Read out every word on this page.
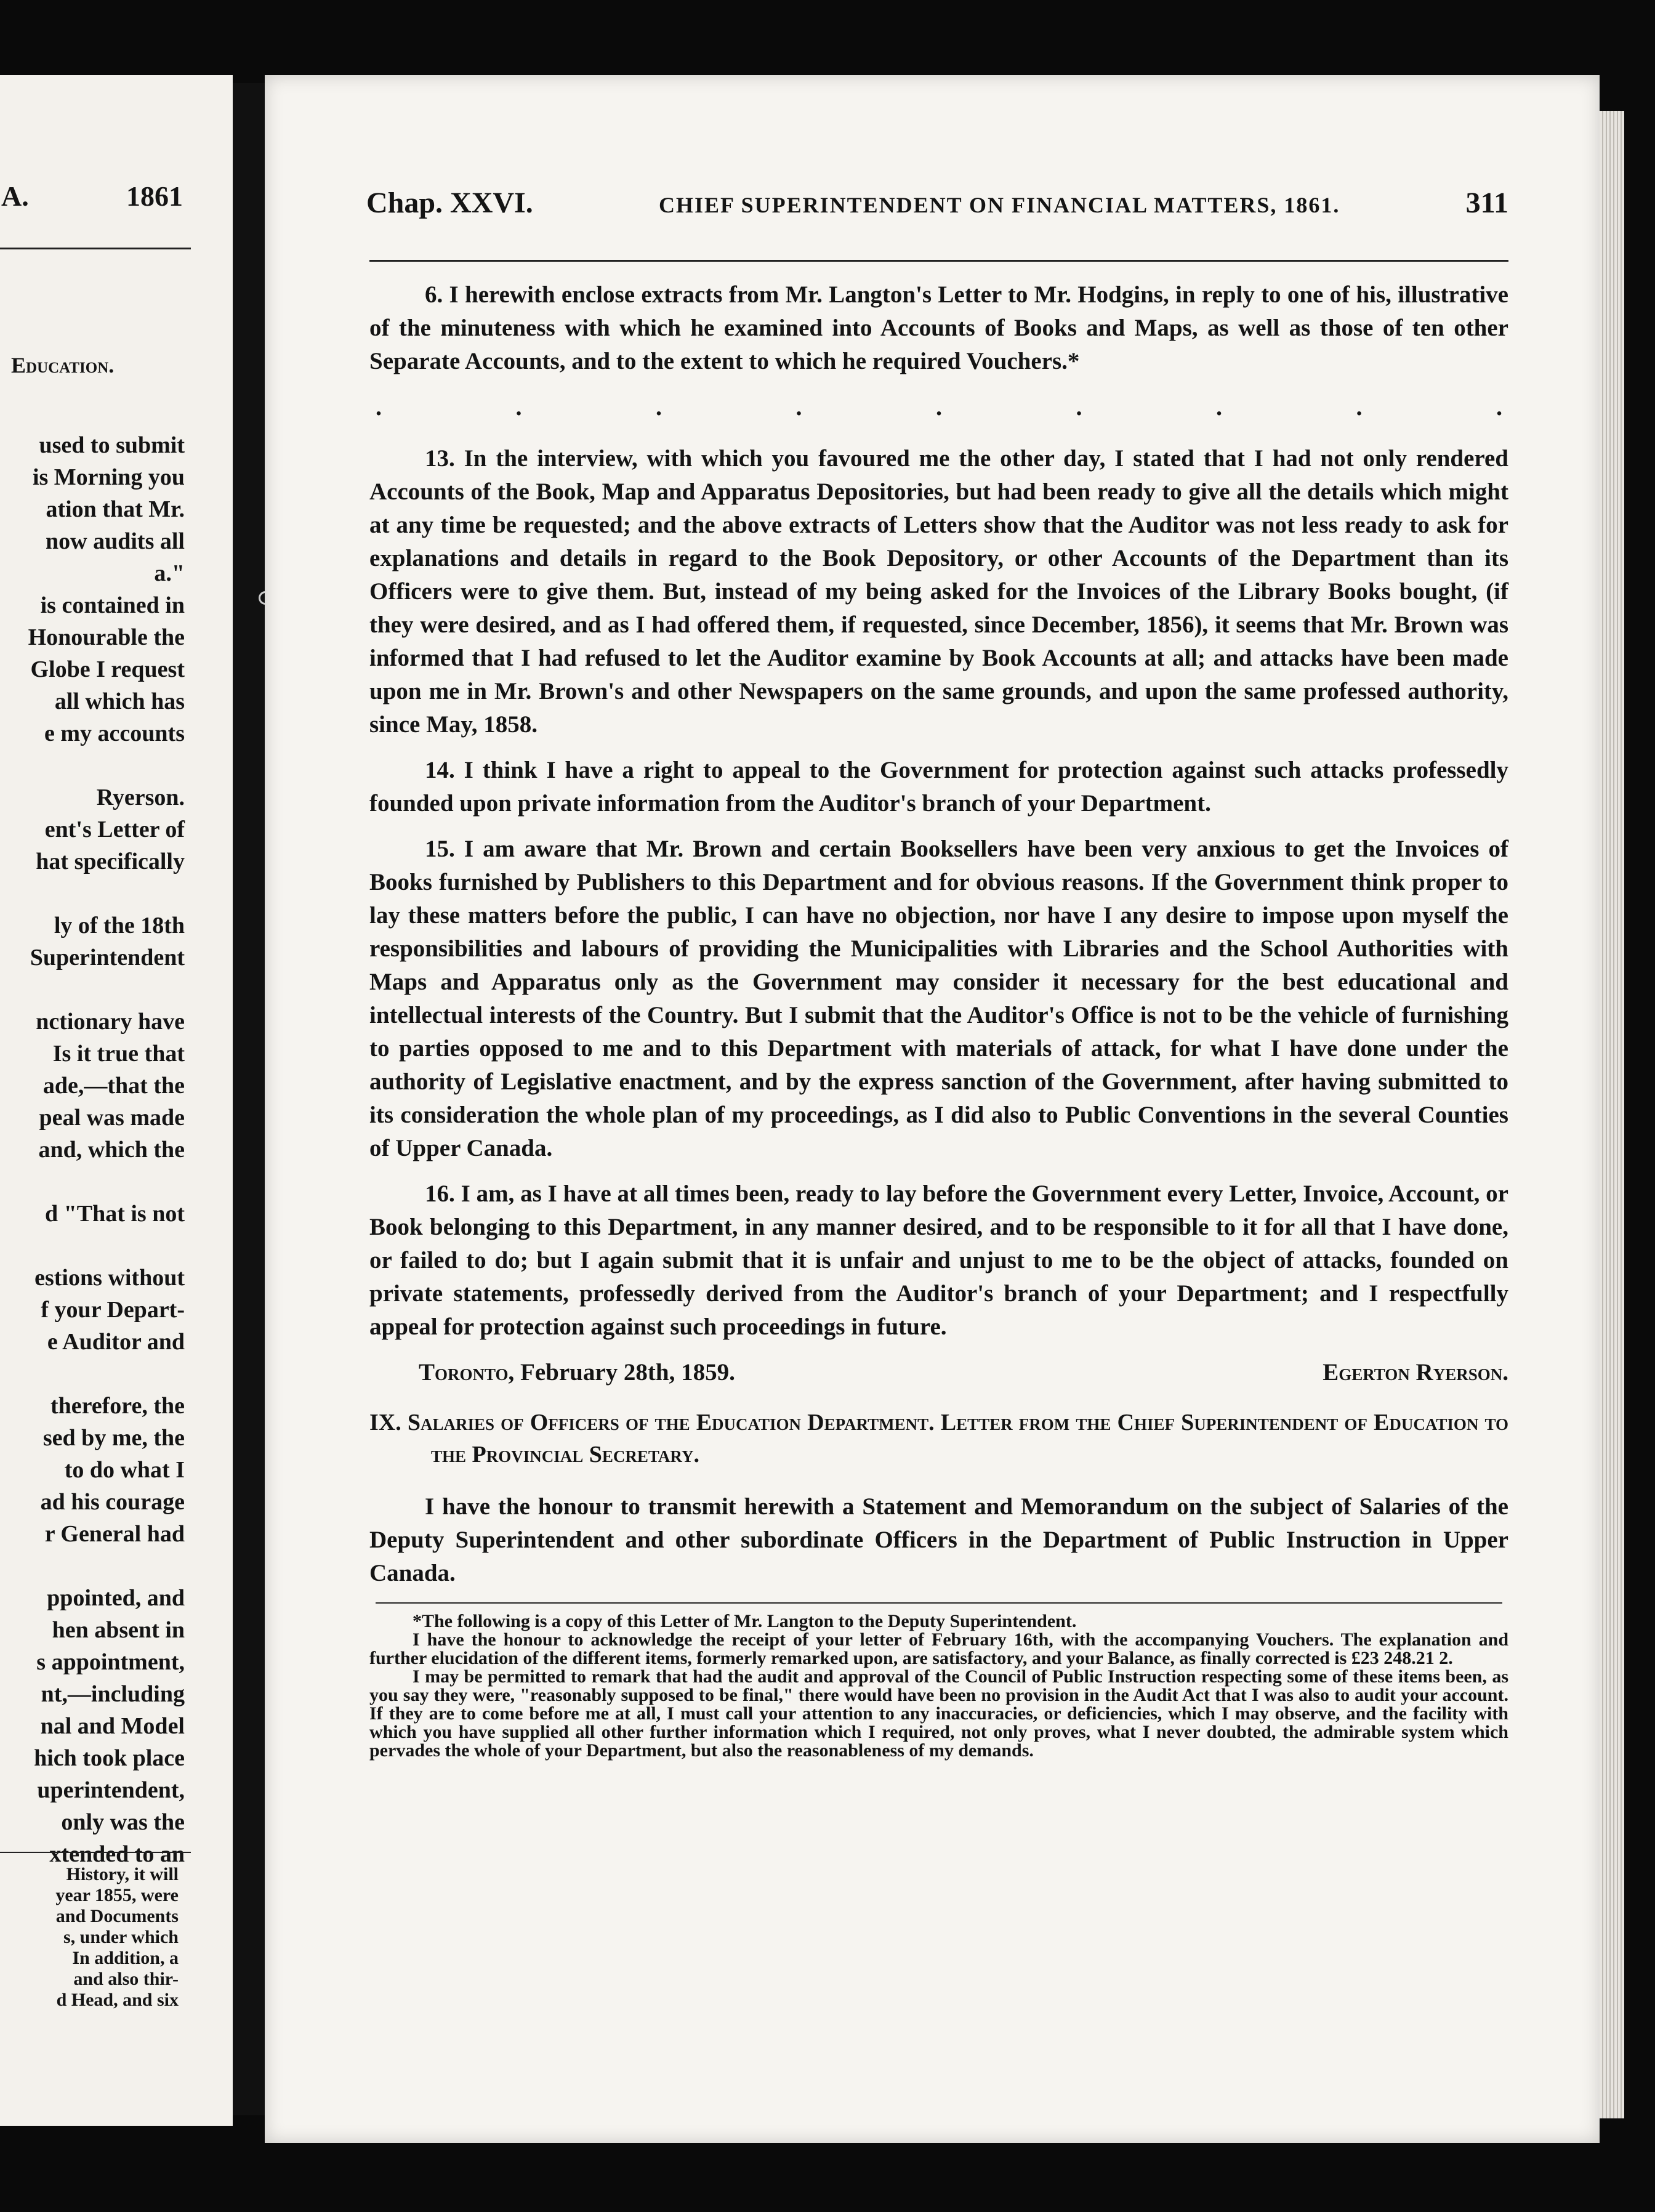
A.	1861
Education.
used to submit
is Morning you
ation that Mr.
now audits all
a."
is contained in
Honourable the
Globe I request
all which has
e my accounts

Ryerson.
ent's Letter of
hat specifically

ly of the 18th
Superintendent

nctionary have
Is it true that
ade,—that the
peal was made
and, which the

d "That is not

estions without
f your Depart-
e Auditor and

therefore, the
sed by me, the
to do what I
ad his courage
r General had

ppointed, and
hen absent in
s appointment,
nt,—including
nal and Model
hich took place
uperintendent,
only was the
xtended to an
History, it will
year 1855, were
and Documents
s, under which
In addition, a
and also thir-
d Head, and six
Chap. XXVI.	CHIEF SUPERINTENDENT ON FINANCIAL MATTERS, 1861.	311

6. I herewith enclose extracts from Mr. Langton's Letter to Mr. Hodgins, in reply to one of his, illustrative of the minuteness with which he examined into Accounts of Books and Maps, as well as those of ten other Separate Accounts, and to the extent to which he required Vouchers.*

.	.	.	.	.	.	.	.	.

13. In the interview, with which you favoured me the other day, I stated that I had not only rendered Accounts of the Book, Map and Apparatus Depositories, but had been ready to give all the details which might at any time be requested; and the above extracts of Letters show that the Auditor was not less ready to ask for explanations and details in regard to the Book Depository, or other Accounts of the Department than its Officers were to give them. But, instead of my being asked for the Invoices of the Library Books bought, (if they were desired, and as I had offered them, if requested, since December, 1856), it seems that Mr. Brown was informed that I had refused to let the Auditor examine by Book Accounts at all; and attacks have been made upon me in Mr. Brown's and other Newspapers on the same grounds, and upon the same professed authority, since May, 1858.

14. I think I have a right to appeal to the Government for protection against such attacks professedly founded upon private information from the Auditor's branch of your Department.

15. I am aware that Mr. Brown and certain Booksellers have been very anxious to get the Invoices of Books furnished by Publishers to this Department and for obvious reasons. If the Government think proper to lay these matters before the public, I can have no objection, nor have I any desire to impose upon myself the responsibilities and labours of providing the Municipalities with Libraries and the School Authorities with Maps and Apparatus only as the Government may consider it necessary for the best educational and intellectual interests of the Country. But I submit that the Auditor's Office is not to be the vehicle of furnishing to parties opposed to me and to this Department with materials of attack, for what I have done under the authority of Legislative enactment, and by the express sanction of the Government, after having submitted to its consideration the whole plan of my proceedings, as I did also to Public Conventions in the several Counties of Upper Canada.

16. I am, as I have at all times been, ready to lay before the Government every Letter, Invoice, Account, or Book belonging to this Department, in any manner desired, and to be responsible to it for all that I have done, or failed to do; but I again submit that it is unfair and unjust to me to be the object of attacks, founded on private statements, professedly derived from the Auditor's branch of your Department; and I respectfully appeal for protection against such proceedings in future.

Toronto, February 28th, 1859.	Egerton Ryerson.

IX. Salaries of Officers of the Education Department. Letter from the Chief Superintendent of Education to the Provincial Secretary.

I have the honour to transmit herewith a Statement and Memorandum on the subject of Salaries of the Deputy Superintendent and other subordinate Officers in the Department of Public Instruction in Upper Canada.

*The following is a copy of this Letter of Mr. Langton to the Deputy Superintendent.

I have the honour to acknowledge the receipt of your letter of February 16th, with the accompanying Vouchers. The explanation and further elucidation of the different items, formerly remarked upon, are satisfactory, and your Balance, as finally corrected is £23 248.21 2.

I may be permitted to remark that had the audit and approval of the Council of Public Instruction respecting some of these items been, as you say they were, "reasonably supposed to be final," there would have been no provision in the Audit Act that I was also to audit your account. If they are to come before me at all, I must call your attention to any inaccuracies, or deficiencies, which I may observe, and the facility with which you have supplied all other further information which I required, not only proves, what I never doubted, the admirable system which pervades the whole of your Department, but also the reasonableness of my demands.
